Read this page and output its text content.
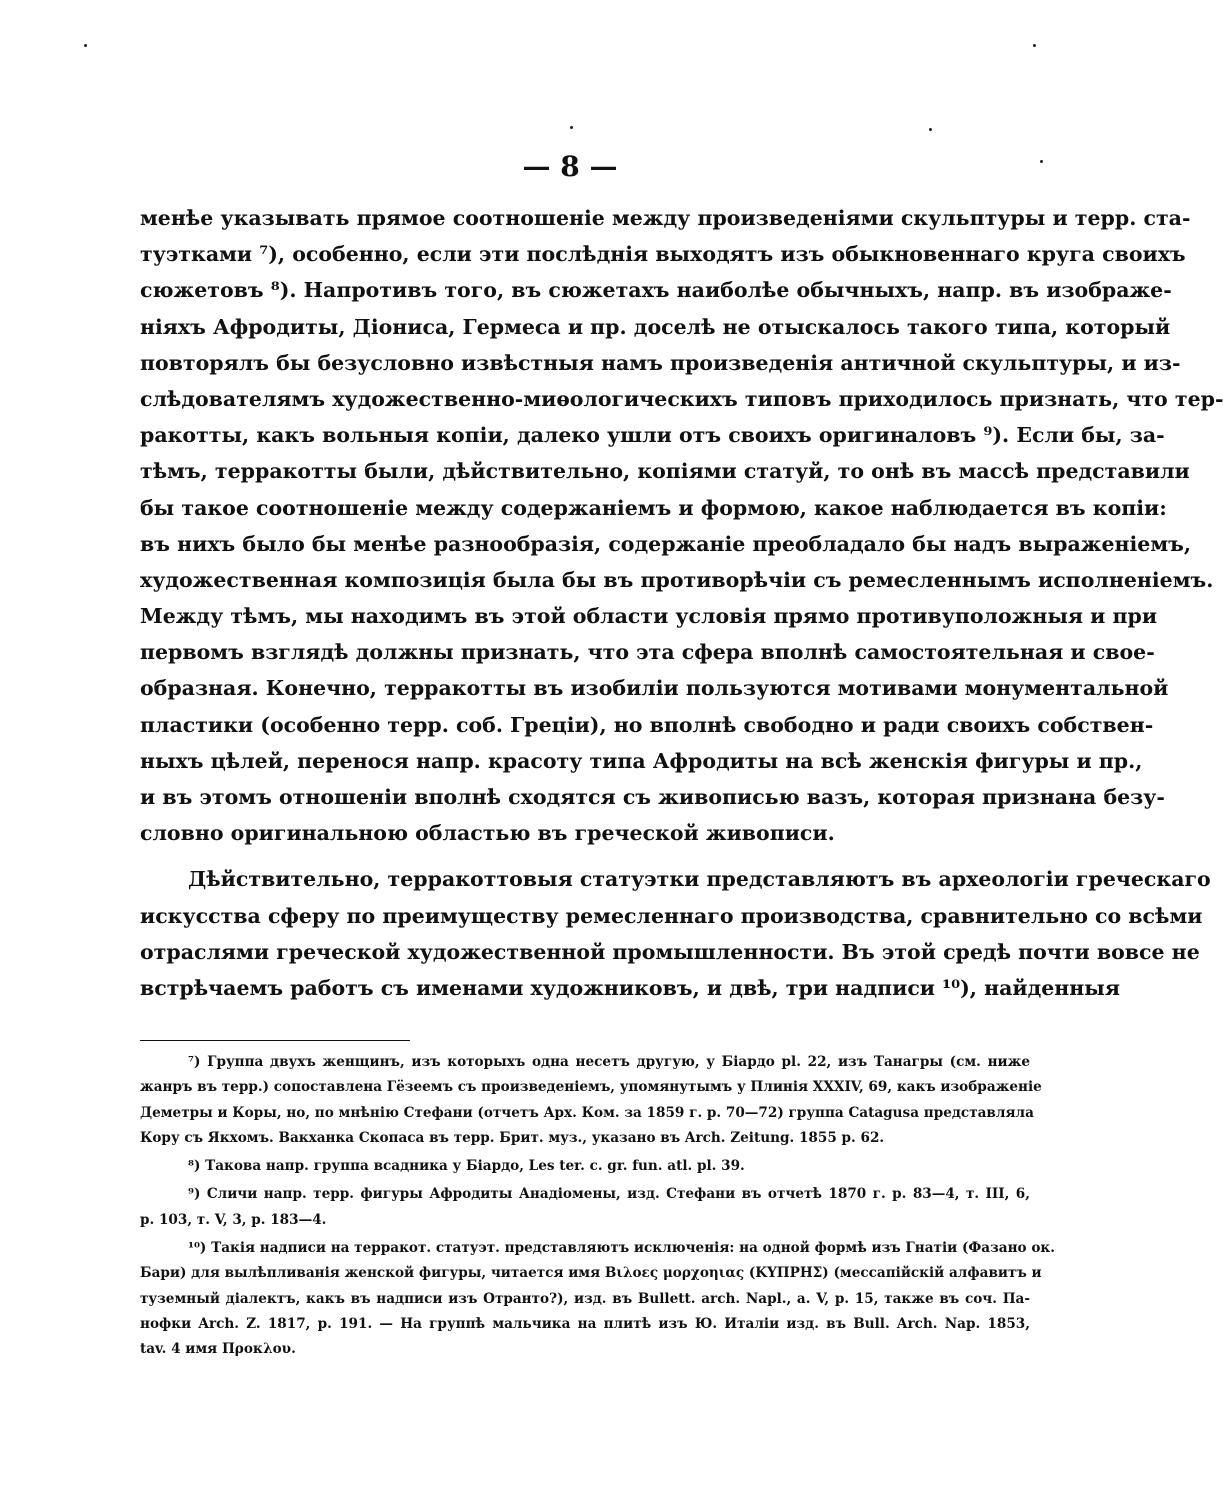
— 8 —
менѣе указывать прямое соотношеніе между произведеніями скульптуры и терр. ста-
туэтками ⁷), особенно, если эти послѣднія выходятъ изъ обыкновеннаго круга своихъ
сюжетовъ ⁸). Напротивъ того, въ сюжетахъ наиболѣе обычныхъ, напр. въ изображе-
ніяхъ Афродиты, Діониса, Гермеса и пр. доселѣ не отыскалось такого типа, который
повторялъ бы безусловно извѣстныя намъ произведенія античной скульптуры, и из-
слѣдователямъ художественно-миѳологическихъ типовъ приходилось признать, что тер-
ракотты, какъ вольныя копіи, далеко ушли отъ своихъ оригиналовъ ⁹). Если бы, за-
тѣмъ, терракотты были, дѣйствительно, копіями статуй, то онѣ въ массѣ представили
бы такое соотношеніе между содержаніемъ и формою, какое наблюдается въ копіи:
въ нихъ было бы менѣе разнообразія, содержаніе преобладало бы надъ выраженіемъ,
художественная композиція была бы въ противорѣчіи съ ремесленнымъ исполненіемъ.
Между тѣмъ, мы находимъ въ этой области условія прямо противуположныя и при
первомъ взглядѣ должны признать, что эта сфера вполнѣ самостоятельная и свое-
образная. Конечно, терракотты въ изобиліи пользуются мотивами монументальной
пластики (особенно терр. соб. Греціи), но вполнѣ свободно и ради своихъ собствен-
ныхъ цѣлей, перенося напр. красоту типа Афродиты на всѣ женскія фигуры и пр.,
и въ этомъ отношеніи вполнѣ сходятся съ живописью вазъ, которая признана безу-
словно оригинальною областью въ греческой живописи.
Дѣйствительно, терракоттовыя статуэтки представляютъ въ археологіи греческаго
искусства сферу по преимуществу ремесленнаго производства, сравнительно со всѣми
отраслями греческой художественной промышленности. Въ этой средѣ почти вовсе не
встрѣчаемъ работъ съ именами художниковъ, и двѣ, три надписи ¹⁰), найденныя
⁷) Группа двухъ женщинъ, изъ которыхъ одна несетъ другую, у Біардо pl. 22, изъ Танагры (см. ниже
жанръ въ терр.) сопоставлена Гёзеемъ съ произведеніемъ, упомянутымъ у Плинія XXXIV, 69, какъ изображеніе
Деметры и Коры, но, по мнѣнію Стефани (отчетъ Арх. Ком. за 1859 г. р. 70—72) группа Catagusa представляла
Кору съ Якхомъ. Вакханка Скопаса въ терр. Брит. муз., указано въ Arch. Zeitung. 1855 р. 62.
⁸) Такова напр. группа всадника у Біардо, Les ter. c. gr. fun. atl. pl. 39.
⁹) Сличи напр. терр. фигуры Афродиты Анадіомены, изд. Стефани въ отчетѣ 1870 г. р. 83—4, т. III, 6,
р. 103, т. V, 3, р. 183—4.
¹⁰) Такія надписи на терракот. статуэт. представляютъ исключенія: на одной формѣ изъ Гнатіи (Фазано ок.
Бари) для вылѣпливанія женской фигуры, читается имя Βιλοες μορχοηιας (ΚΥΠΡΗΣ) (мессапійскій алфавитъ и
туземный діалектъ, какъ въ надписи изъ Отранто?), изд. въ Bullett. arch. Napl., a. V, p. 15, также въ соч. Па-
нофки Arch. Z. 1817, p. 191. — На группѣ мальчика на плитѣ изъ Ю. Италіи изд. въ Bull. Arch. Nap. 1853,
tav. 4 имя Προκλου.
